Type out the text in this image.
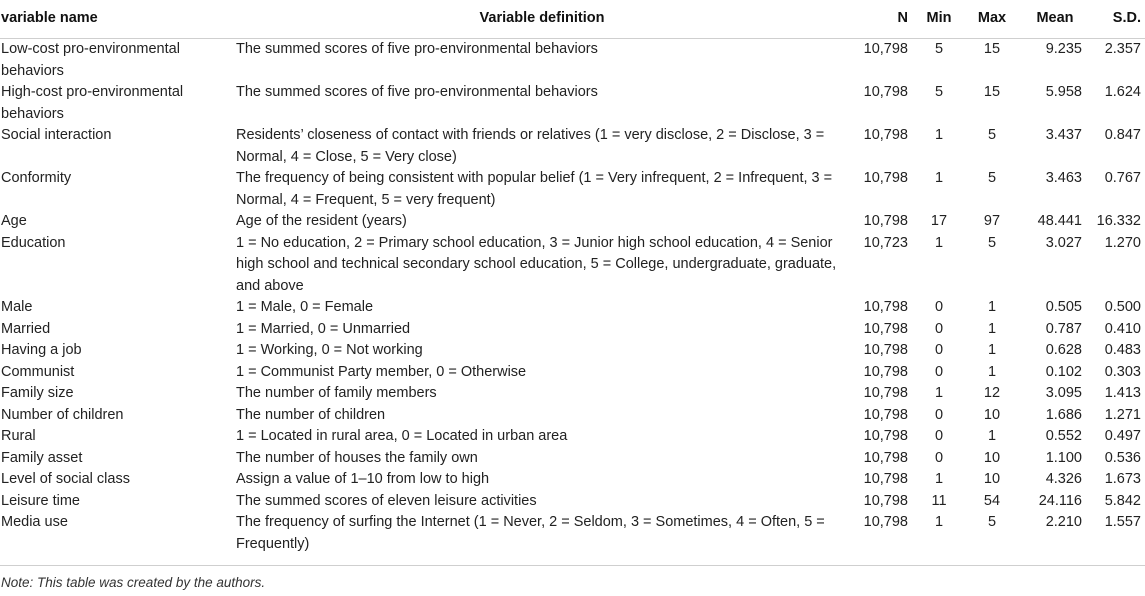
variable name	Variable definition	N	Min	Max	Mean	S.D.
Low-cost pro-environmental behaviors	The summed scores of five pro-environmental behaviors	10,798	5	15	9.235	2.357
High-cost pro-environmental behaviors	The summed scores of five pro-environmental behaviors	10,798	5	15	5.958	1.624
Social interaction	Residents’ closeness of contact with friends or relatives (1 = very disclose, 2 = Disclose, 3 = Normal, 4 = Close, 5 = Very close)	10,798	1	5	3.437	0.847
Conformity	The frequency of being consistent with popular belief (1 = Very infrequent, 2 = Infrequent, 3 = Normal, 4 = Frequent, 5 = very frequent)	10,798	1	5	3.463	0.767
Age	Age of the resident (years)	10,798	17	97	48.441	16.332
Education	1 = No education, 2 = Primary school education, 3 = Junior high school education, 4 = Senior high school and technical secondary school education, 5 = College, undergraduate, graduate, and above	10,723	1	5	3.027	1.270
Male	1 = Male, 0 = Female	10,798	0	1	0.505	0.500
Married	1 = Married, 0 = Unmarried	10,798	0	1	0.787	0.410
Having a job	1 = Working, 0 = Not working	10,798	0	1	0.628	0.483
Communist	1 = Communist Party member, 0 = Otherwise	10,798	0	1	0.102	0.303
Family size	The number of family members	10,798	1	12	3.095	1.413
Number of children	The number of children	10,798	0	10	1.686	1.271
Rural	1 = Located in rural area, 0 = Located in urban area	10,798	0	1	0.552	0.497
Family asset	The number of houses the family own	10,798	0	10	1.100	0.536
Level of social class	Assign a value of 1–10 from low to high	10,798	1	10	4.326	1.673
Leisure time	The summed scores of eleven leisure activities	10,798	11	54	24.116	5.842
Media use	The frequency of surfing the Internet (1 = Never, 2 = Seldom, 3 = Sometimes, 4 = Often, 5 = Frequently)	10,798	1	5	2.210	1.557
Note: This table was created by the authors.
